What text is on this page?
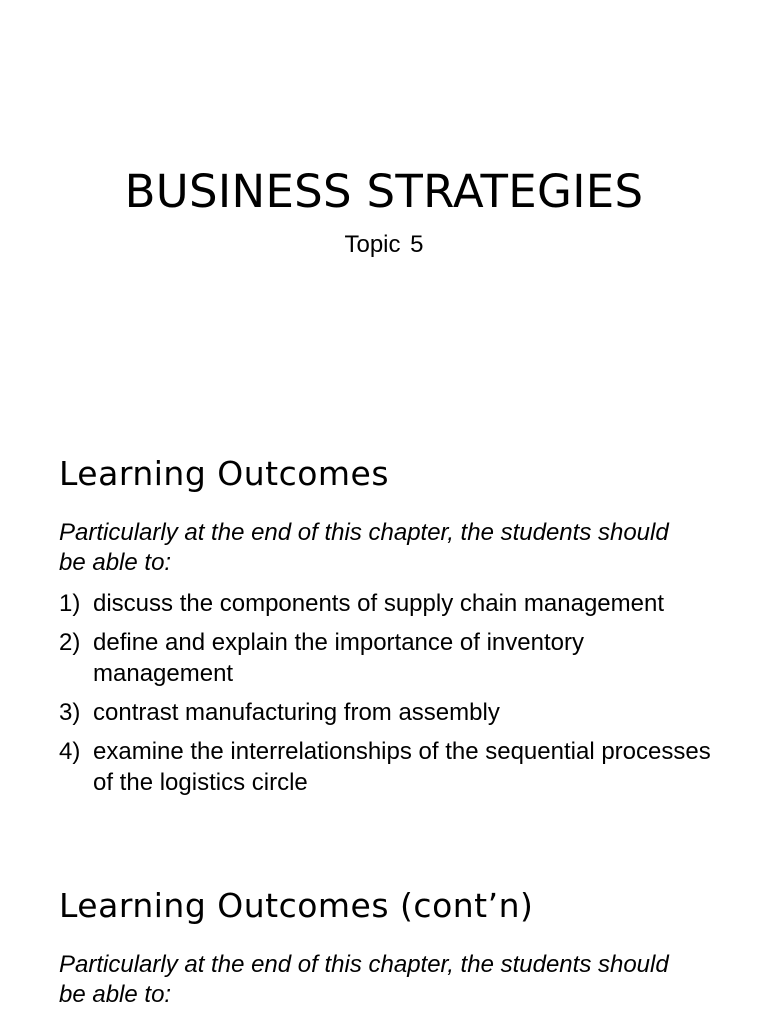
BUSINESS STRATEGIES

Topic 5

Learning Outcomes

Particularly at the end of this chapter, the students should be able to:

1) discuss the components of supply chain management
2) define and explain the importance of inventory management
3) contrast manufacturing from assembly
4) examine the interrelationships of the sequential processes of the logistics circle
Learning Outcomes (cont’n)

Particularly at the end of this chapter, the students should be able to:
